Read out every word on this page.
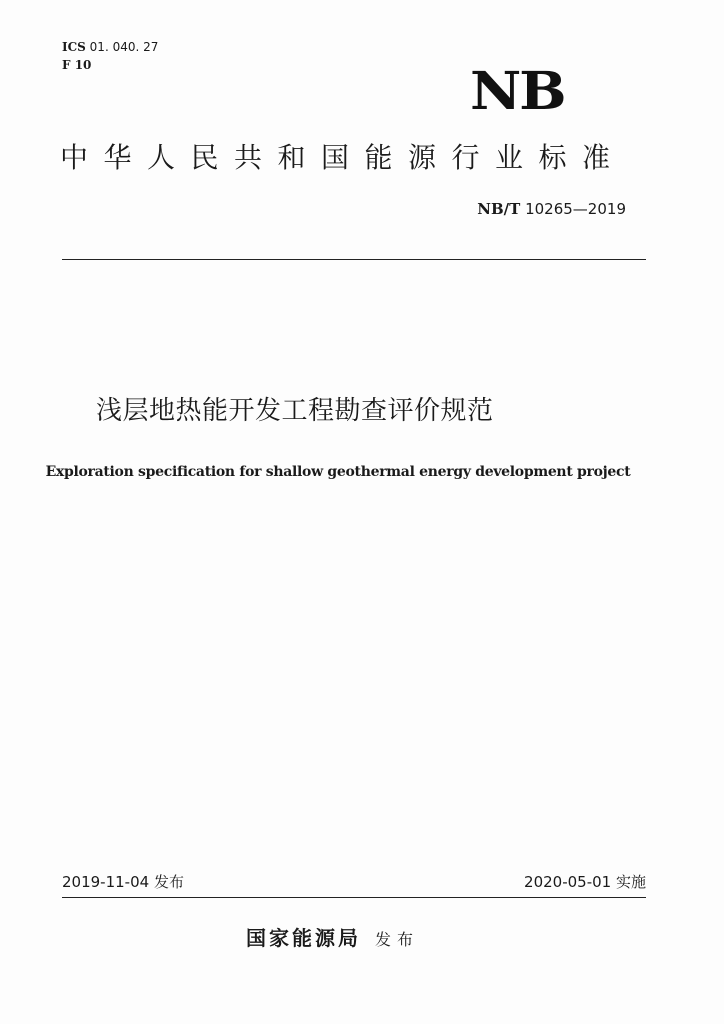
ICS 01. 040. 27
F 10	NB
中华人民共和国能源行业标准
NB/T 10265—2019
浅层地热能开发工程勘查评价规范
Exploration specification for shallow geothermal energy development project
2019-11-04 发布	2020-05-01 实施
国家能源局 发布
